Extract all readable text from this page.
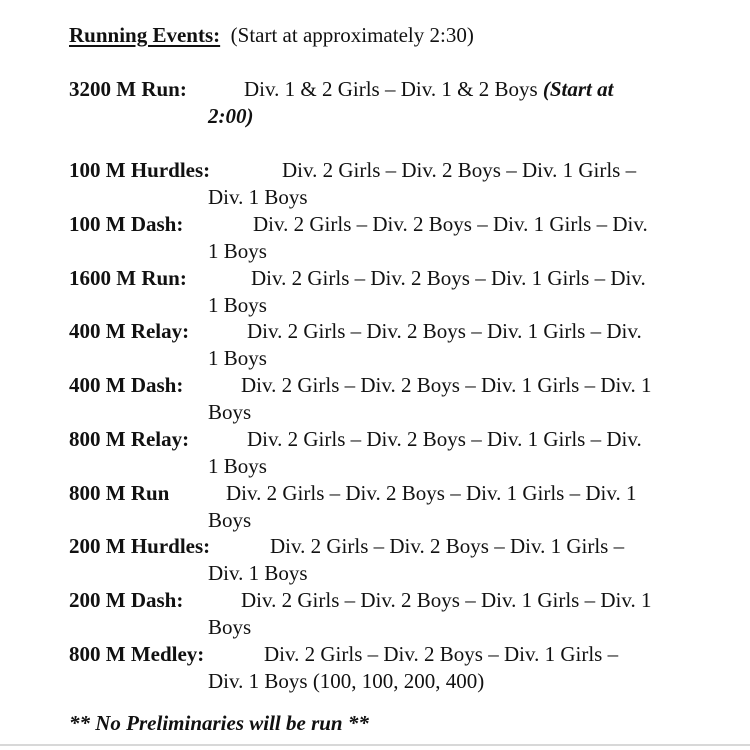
Running Events: (Start at approximately 2:30)
3200 M Run:	Div. 1 & 2 Girls – Div. 1 & 2 Boys (Start at
2:00)
100 M Hurdles:	Div. 2 Girls – Div. 2 Boys – Div. 1 Girls –
Div. 1 Boys
100 M Dash:	Div. 2 Girls – Div. 2 Boys – Div. 1 Girls – Div.
1 Boys
1600 M Run:	Div. 2 Girls – Div. 2 Boys – Div. 1 Girls – Div.
1 Boys
400 M Relay:	Div. 2 Girls – Div. 2 Boys – Div. 1 Girls – Div.
1 Boys
400 M Dash:	Div. 2 Girls – Div. 2 Boys – Div. 1 Girls – Div. 1
Boys
800 M Relay:	Div. 2 Girls – Div. 2 Boys – Div. 1 Girls – Div.
1 Boys
800 M Run	Div. 2 Girls – Div. 2 Boys – Div. 1 Girls – Div. 1
Boys
200 M Hurdles:	Div. 2 Girls – Div. 2 Boys – Div. 1 Girls –
Div. 1 Boys
200 M Dash:	Div. 2 Girls – Div. 2 Boys – Div. 1 Girls – Div. 1
Boys
800 M Medley:	Div. 2 Girls – Div. 2 Boys – Div. 1 Girls –
Div. 1 Boys (100, 100, 200, 400)
** No Preliminaries will be run **
